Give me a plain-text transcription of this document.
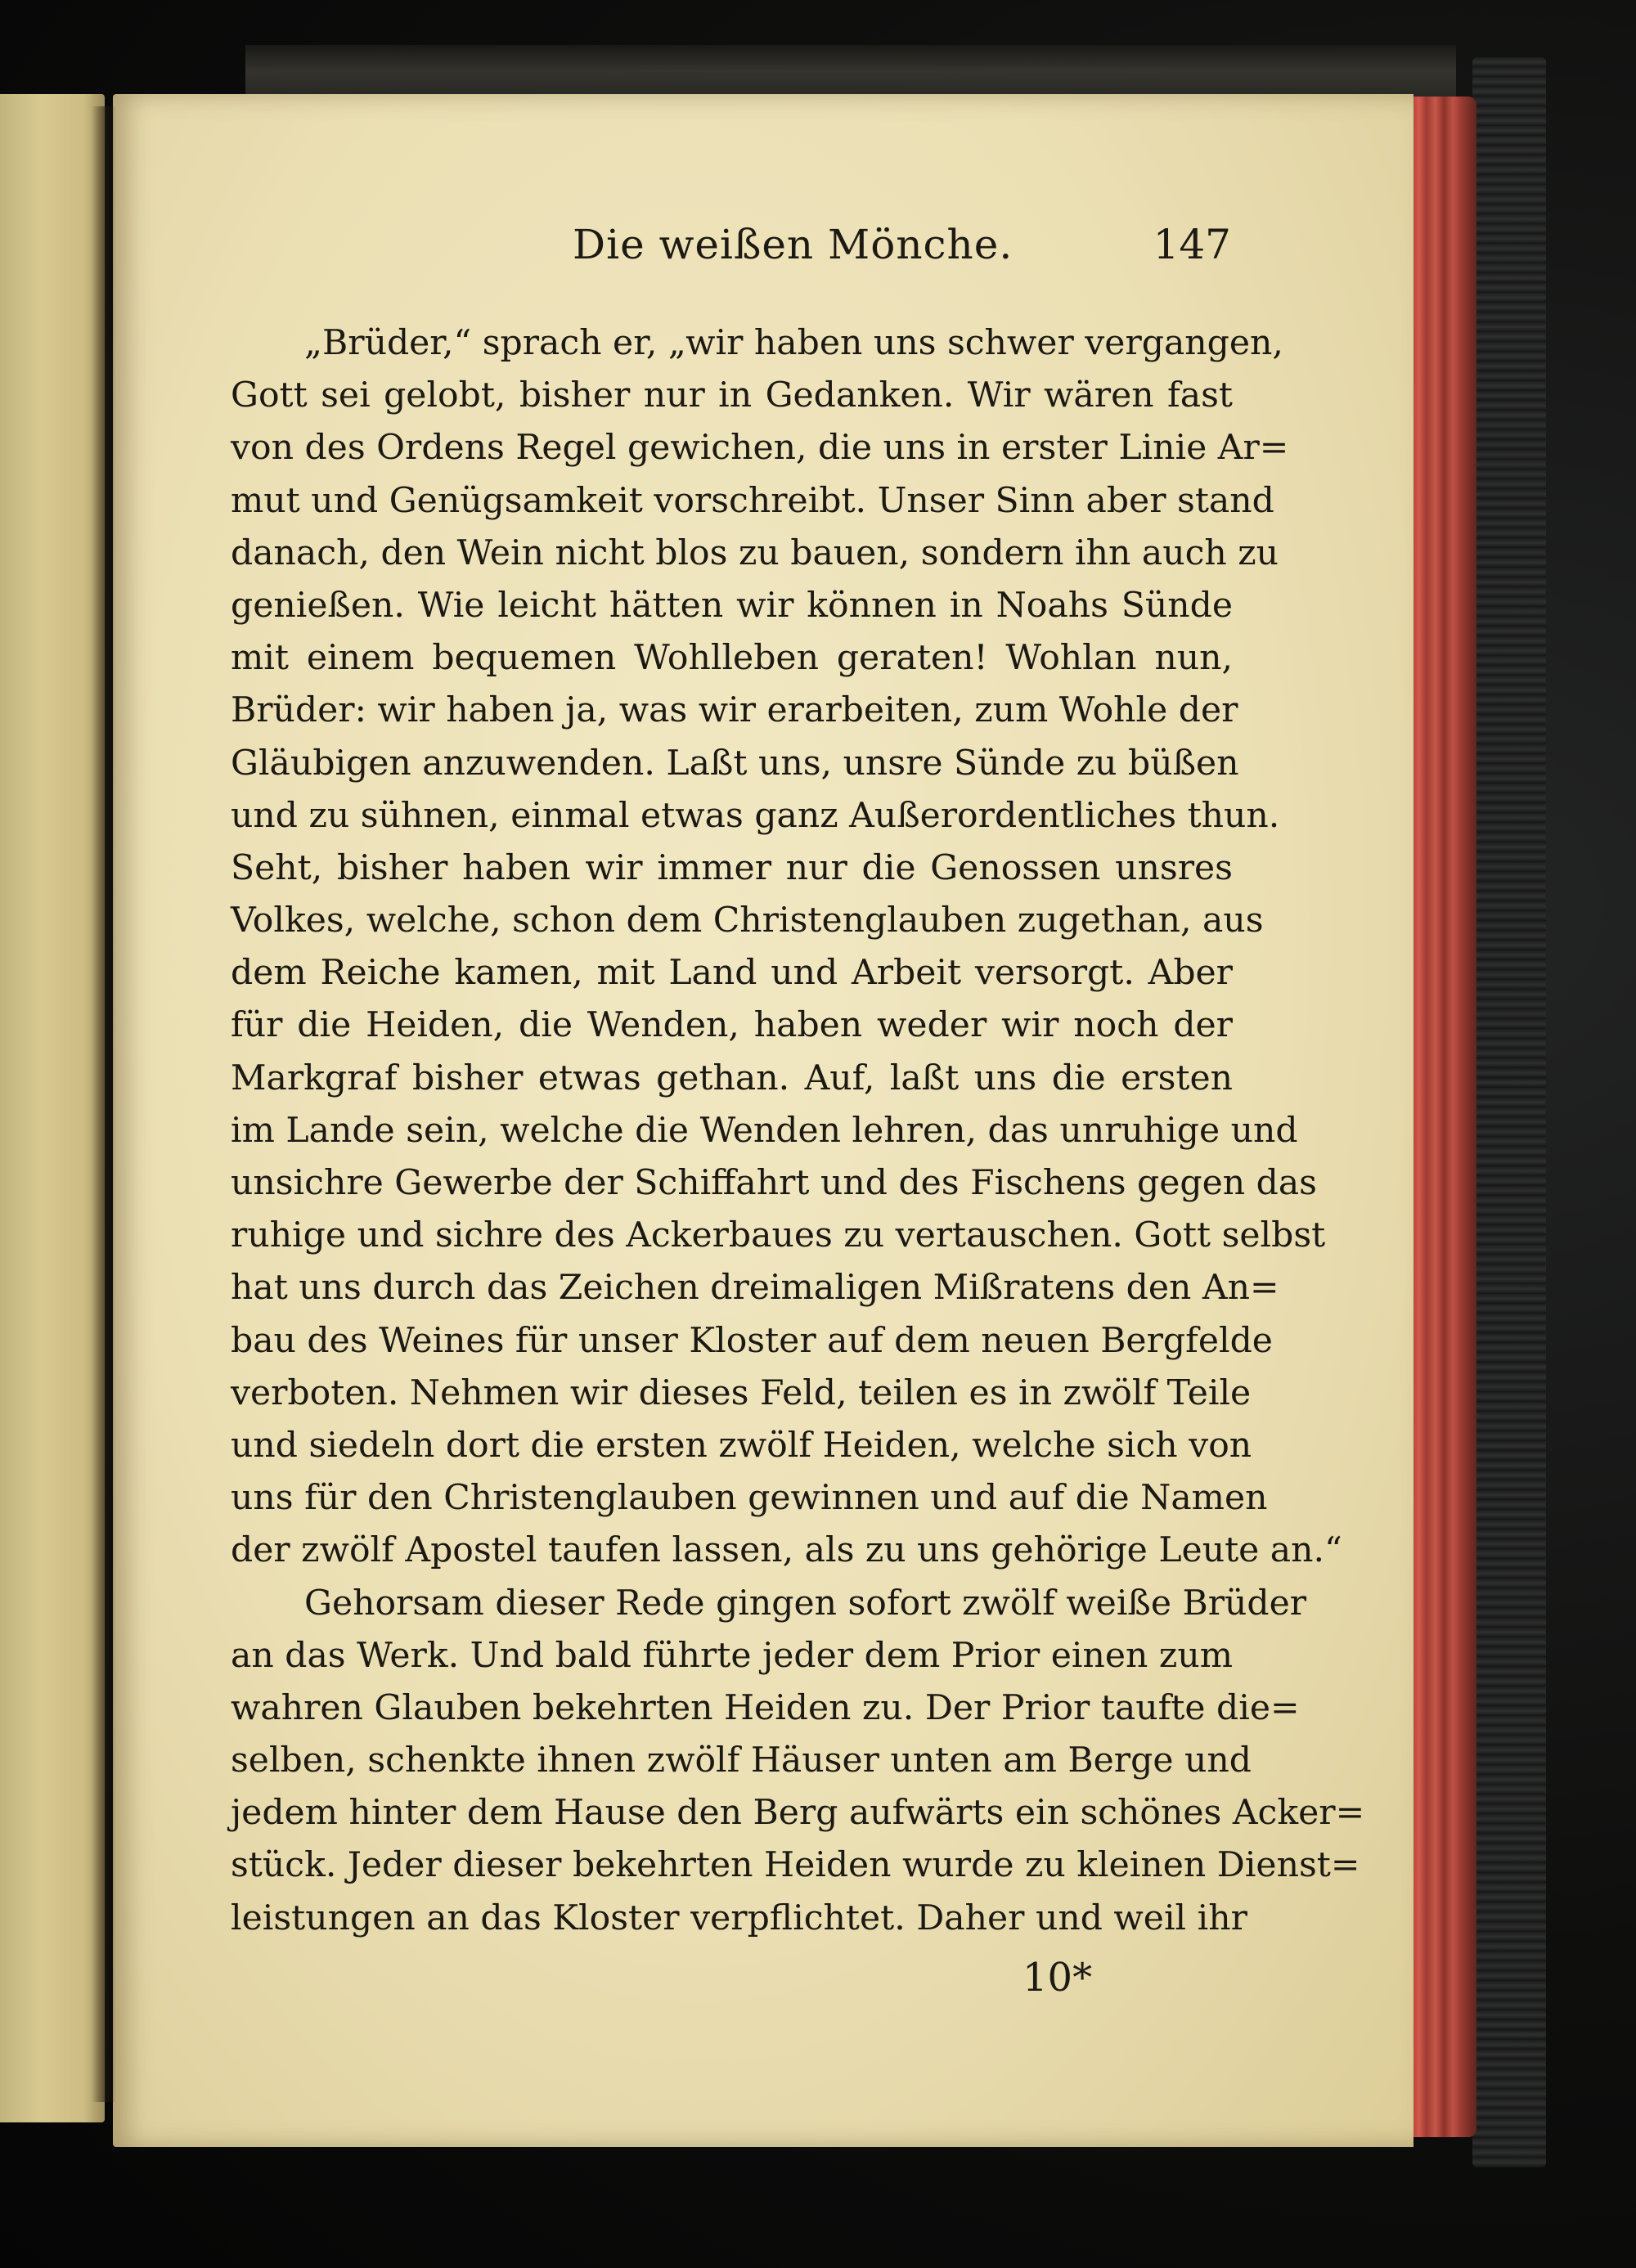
Die weißen Mönche.	147
„Brüder,“ sprach er, „wir haben uns schwer vergangen,
Gott sei gelobt, bisher nur in Gedanken. Wir wären fast
von des Ordens Regel gewichen, die uns in erster Linie Ar=
mut und Genügsamkeit vorschreibt. Unser Sinn aber stand
danach, den Wein nicht blos zu bauen, sondern ihn auch zu
genießen. Wie leicht hätten wir können in Noahs Sünde
mit einem bequemen Wohlleben geraten! Wohlan nun,
Brüder: wir haben ja, was wir erarbeiten, zum Wohle der
Gläubigen anzuwenden. Laßt uns, unsre Sünde zu büßen
und zu sühnen, einmal etwas ganz Außerordentliches thun.
Seht, bisher haben wir immer nur die Genossen unsres
Volkes, welche, schon dem Christenglauben zugethan, aus
dem Reiche kamen, mit Land und Arbeit versorgt. Aber
für die Heiden, die Wenden, haben weder wir noch der
Markgraf bisher etwas gethan. Auf, laßt uns die ersten
im Lande sein, welche die Wenden lehren, das unruhige und
unsichre Gewerbe der Schiffahrt und des Fischens gegen das
ruhige und sichre des Ackerbaues zu vertauschen. Gott selbst
hat uns durch das Zeichen dreimaligen Mißratens den An=
bau des Weines für unser Kloster auf dem neuen Bergfelde
verboten. Nehmen wir dieses Feld, teilen es in zwölf Teile
und siedeln dort die ersten zwölf Heiden, welche sich von
uns für den Christenglauben gewinnen und auf die Namen
der zwölf Apostel taufen lassen, als zu uns gehörige Leute an.“
Gehorsam dieser Rede gingen sofort zwölf weiße Brüder
an das Werk. Und bald führte jeder dem Prior einen zum
wahren Glauben bekehrten Heiden zu. Der Prior taufte die=
selben, schenkte ihnen zwölf Häuser unten am Berge und
jedem hinter dem Hause den Berg aufwärts ein schönes Acker=
stück. Jeder dieser bekehrten Heiden wurde zu kleinen Dienst=
leistungen an das Kloster verpflichtet. Daher und weil ihr
10*
